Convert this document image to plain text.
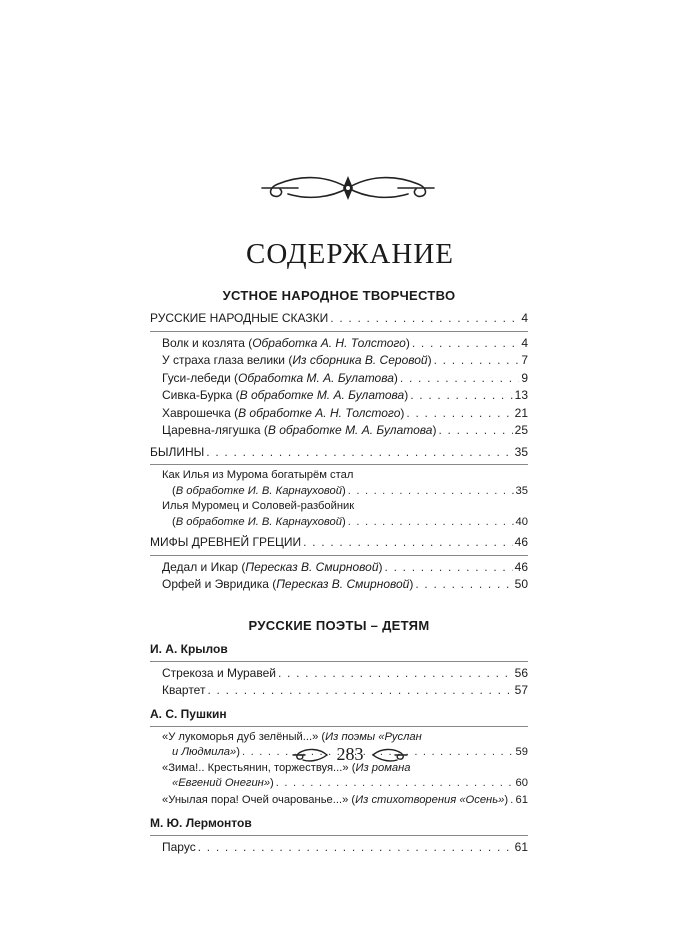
СОДЕРЖАНИЕ
УСТНОЕ НАРОДНОЕ ТВОРЧЕСТВО
РУССКИЕ НАРОДНЫЕ СКАЗКИ . . .	4
Волк и козлята ( Обработка А. Н. Толстого ) . . .	4
У страха глаза велики ( Из сборника В. Серовой ) . . .	7
Гуси-лебеди ( Обработка М. А. Булатова ) . . .	9
Сивка-Бурка ( В обработке М. А. Булатова ) . . .	13
Хаврошечка ( В обработке А. Н. Толстого ) . . .	21
Царевна-лягушка ( В обработке М. А. Булатова ) . . .	25
БЫЛИНЫ . . .	35
Как Илья из Мурома богатырём стал
( В обработке И. В. Карнауховой ) . . .	35
Илья Муромец и Соловей-разбойник
( В обработке И. В. Карнауховой ) . . .	40
МИФЫ ДРЕВНЕЙ ГРЕЦИИ . . .	46
Дедал и Икар ( Пересказ В. Смирновой ) . . .	46
Орфей и Эвридика ( Пересказ В. Смирновой ) . . .	50
РУССКИЕ ПОЭТЫ – ДЕТЯМ
И. А. Крылов
Стрекоза и Муравей . . .	56
Квартет . . .	57
А. С. Пушкин
«У лукоморья дуб зелёный...» (Из поэмы «Руслан
и Людмила» ) . . .	59
«Зима!.. Крестьянин, торжествуя...» (Из романа
«Евгений Онегин» ) . . .	60
«Унылая пора! Очей очарованье...» ( Из стихотворения «Осень» ) . . . 61
М. Ю. Лермонтов
Парус . . .	61
283
